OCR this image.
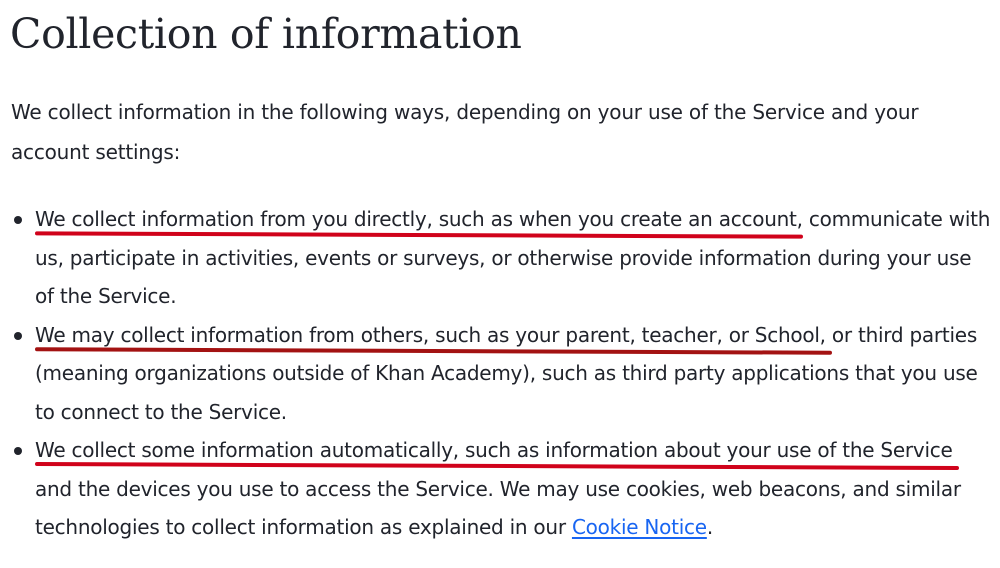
Collection of information

We collect information in the following ways, depending on your use of the Service and your account settings:

We collect information from you directly, such as when you create an account, communicate with us, participate in activities, events or surveys, or otherwise provide information during your use of the Service.
We may collect information from others, such as your parent, teacher, or School, or third parties (meaning organizations outside of Khan Academy), such as third party applications that you use to connect to the Service.
We collect some information automatically, such as information about your use of the Service and the devices you use to access the Service. We may use cookies, web beacons, and similar technologies to collect information as explained in our Cookie Notice.
